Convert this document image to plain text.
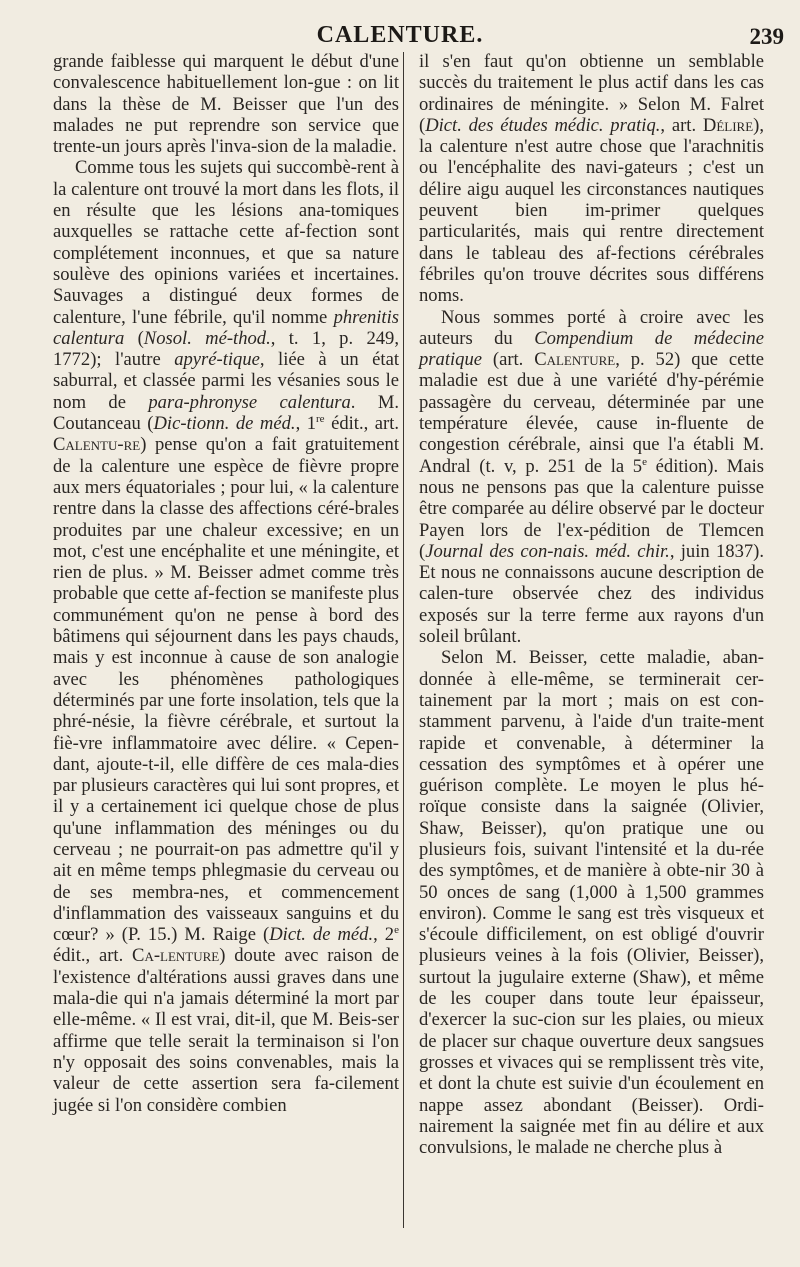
CALENTURE.	239

grande faiblesse qui marquent le début d'une convalescence habituellement lon-gue : on lit dans la thèse de M. Beisser que l'un des malades ne put reprendre son service que trente-un jours après l'inva-sion de la maladie.

Comme tous les sujets qui succombè-rent à la calenture ont trouvé la mort dans les flots, il en résulte que les lésions ana-tomiques auxquelles se rattache cette af-fection sont complétement inconnues, et que sa nature soulève des opinions variées et incertaines. Sauvages a distingué deux formes de calenture, l'une fébrile, qu'il nomme phrenitis calentura (Nosol. mé-thod., t. 1, p. 249, 1772); l'autre apyré-tique, liée à un état saburral, et classée parmi les vésanies sous le nom de para-phronyse calentura. M. Coutanceau (Dic-tionn. de méd., 1re édit., art. Calentu-re) pense qu'on a fait gratuitement de la calenture une espèce de fièvre propre aux mers équatoriales ; pour lui, « la calenture rentre dans la classe des affections céré-brales produites par une chaleur excessive; en un mot, c'est une encéphalite et une méningite, et rien de plus. » M. Beisser admet comme très probable que cette af-fection se manifeste plus communément qu'on ne pense à bord des bâtimens qui séjournent dans les pays chauds, mais y est inconnue à cause de son analogie avec les phénomènes pathologiques déterminés par une forte insolation, tels que la phré-nésie, la fièvre cérébrale, et surtout la fiè-vre inflammatoire avec délire. « Cepen-dant, ajoute-t-il, elle diffère de ces mala-dies par plusieurs caractères qui lui sont propres, et il y a certainement ici quelque chose de plus qu'une inflammation des méninges ou du cerveau ; ne pourrait-on pas admettre qu'il y ait en même temps phlegmasie du cerveau ou de ses membra-nes, et commencement d'inflammation des vaisseaux sanguins et du cœur? » (P. 15.) M. Raige (Dict. de méd., 2e édit., art. Ca-lenture) doute avec raison de l'existence d'altérations aussi graves dans une mala-die qui n'a jamais déterminé la mort par elle-même. « Il est vrai, dit-il, que M. Beis-ser affirme que telle serait la terminaison si l'on n'y opposait des soins convenables, mais la valeur de cette assertion sera fa-cilement jugée si l'on considère combien

il s'en faut qu'on obtienne un semblable succès du traitement le plus actif dans les cas ordinaires de méningite. » Selon M. Falret (Dict. des études médic. pratiq., art. Délire), la calenture n'est autre chose que l'arachnitis ou l'encéphalite des navi-gateurs ; c'est un délire aigu auquel les circonstances nautiques peuvent bien im-primer quelques particularités, mais qui rentre directement dans le tableau des af-fections cérébrales fébriles qu'on trouve décrites sous différens noms.

Nous sommes porté à croire avec les auteurs du Compendium de médecine pratique (art. Calenture, p. 52) que cette maladie est due à une variété d'hy-pérémie passagère du cerveau, déterminée par une température élevée, cause in-fluente de congestion cérébrale, ainsi que l'a établi M. Andral (t. v, p. 251 de la 5e édition). Mais nous ne pensons pas que la calenture puisse être comparée au délire observé par le docteur Payen lors de l'ex-pédition de Tlemcen (Journal des con-nais. méd. chir., juin 1837). Et nous ne connaissons aucune description de calen-ture observée chez des individus exposés sur la terre ferme aux rayons d'un soleil brûlant.

Selon M. Beisser, cette maladie, aban-donnée à elle-même, se terminerait cer-tainement par la mort ; mais on est con-stamment parvenu, à l'aide d'un traite-ment rapide et convenable, à déterminer la cessation des symptômes et à opérer une guérison complète. Le moyen le plus hé-roïque consiste dans la saignée (Olivier, Shaw, Beisser), qu'on pratique une ou plusieurs fois, suivant l'intensité et la du-rée des symptômes, et de manière à obte-nir 30 à 50 onces de sang (1,000 à 1,500 grammes environ). Comme le sang est très visqueux et s'écoule difficilement, on est obligé d'ouvrir plusieurs veines à la fois (Olivier, Beisser), surtout la jugulaire externe (Shaw), et même de les couper dans toute leur épaisseur, d'exercer la suc-cion sur les plaies, ou mieux de placer sur chaque ouverture deux sangsues grosses et vivaces qui se remplissent très vite, et dont la chute est suivie d'un écoulement en nappe assez abondant (Beisser). Ordi-nairement la saignée met fin au délire et aux convulsions, le malade ne cherche plus à
